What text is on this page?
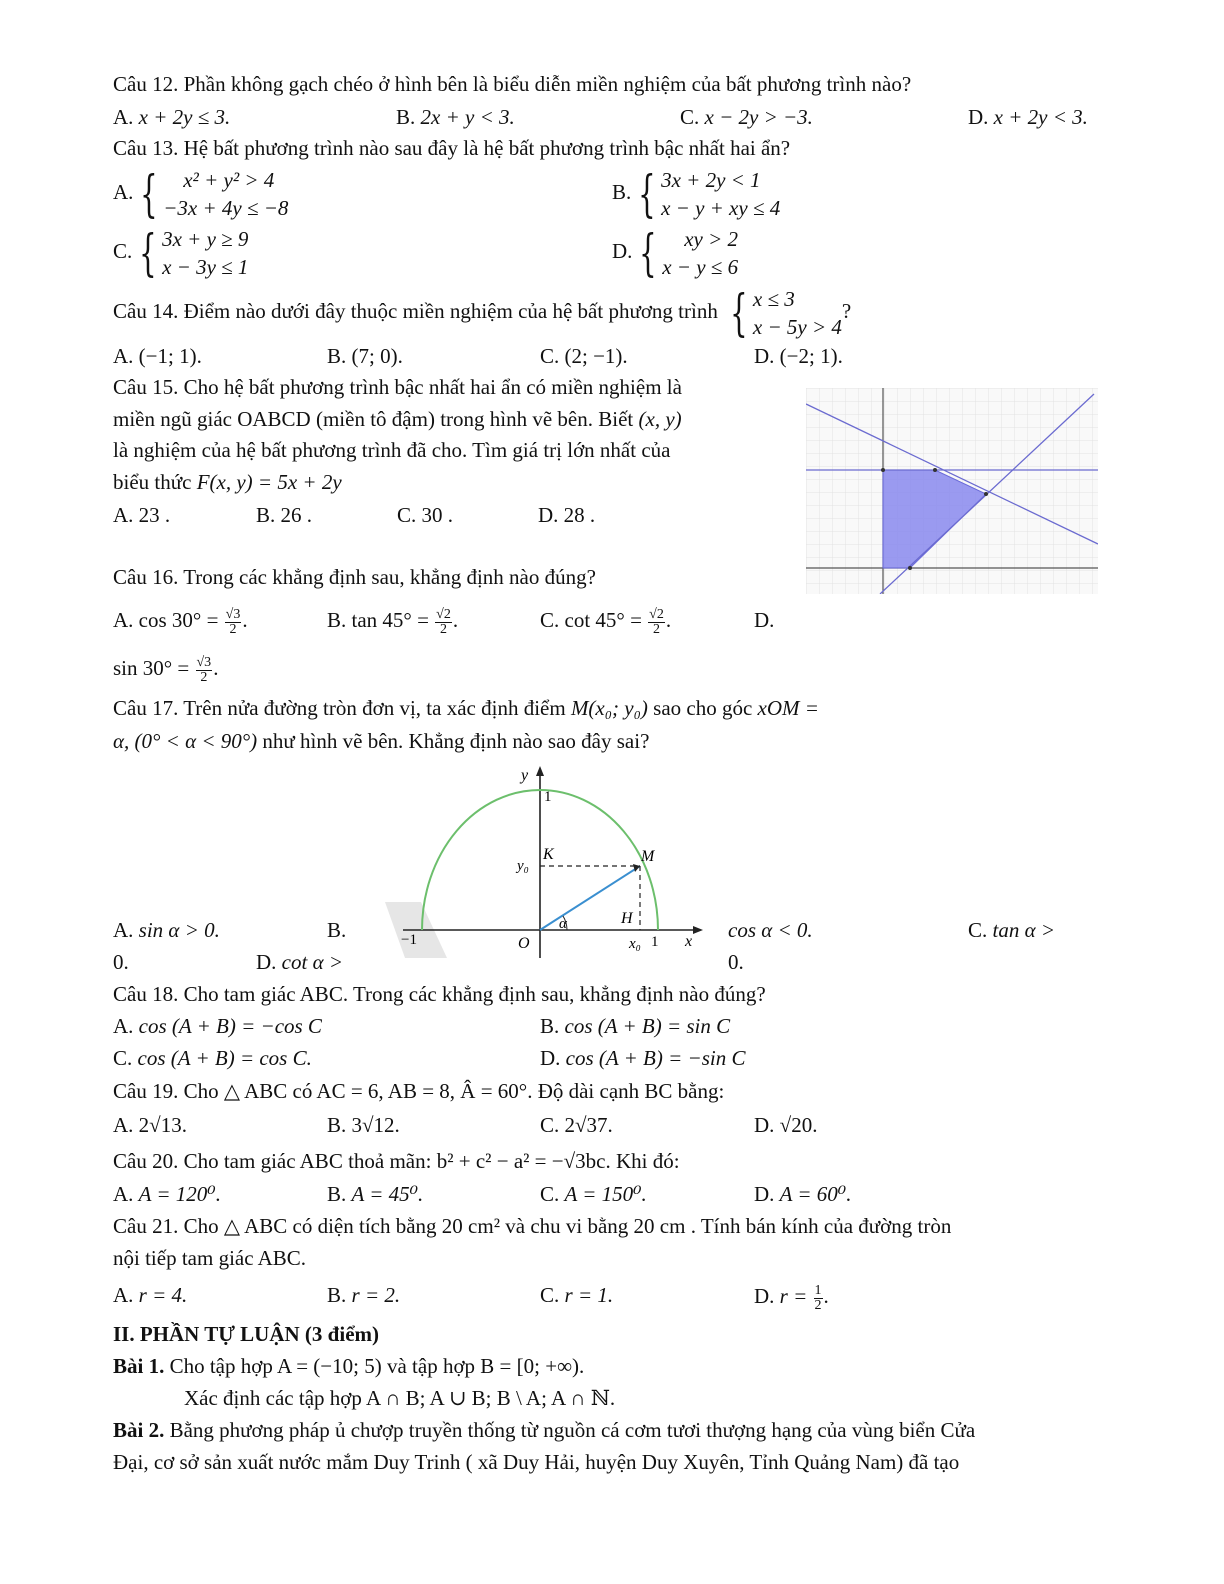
Câu 12. Phần không gạch chéo ở hình bên là biểu diễn miền nghiệm của bất phương trình nào?
A. x + 2y ≤ 3.	B. 2x + y < 3.	C. x − 2y > −3.	D. x + 2y < 3.
Câu 13. Hệ bất phương trình nào sau đây là hệ bất phương trình bậc nhất hai ẩn?
A. {	x² + y² > 4
−3x + 4y ≤ −8
B. { 3x + 2y < 1
x − y + xy ≤ 4
C. { 3x + y ≥ 9
x − 3y ≤ 1
D. {	xy > 2
x − y ≤ 6
Câu 14. Điểm nào dưới đây thuộc miền nghiệm của hệ bất phương trình { x ≤ 3
x − 5y > 4
?
A. (−1; 1).	B. (7; 0).	C. (2; −1).	D. (−2; 1).
Câu 15. Cho hệ bất phương trình bậc nhất hai ẩn có miền nghiệm là
miền ngũ giác OABCD (miền tô đậm) trong hình vẽ bên. Biết (x, y)
là nghiệm của hệ bất phương trình đã cho. Tìm giá trị lớn nhất của
biểu thức F(x, y) = 5x + 2y
A. 23 .	B. 26 .	C. 30 .	D. 28 .
Câu 16. Trong các khẳng định sau, khẳng định nào đúng?
A. $\cos 30^\circ = \frac{√3}{2}$ .	B. $\tan 45^\circ = \frac{√2}{2}$ .	C. $\cot 45^\circ = \frac{√2}{2}$ .	D.
$\sin 30^\circ = \frac{√3}{2}$ .
Câu 17. Trên nửa đường tròn đơn vị, ta xác định điểm M(x₀; y₀) sao cho góc xOM =
α, (0° < α < 90°) như hình vẽ bên. Khẳng định nào sao đây sai?
y
1
K	M
y₀
α	H
−1	O	x₀ 1 x
A. sin α > 0.	B.	cos α < 0.	C. tan α >
0.	D. cot α >	0.
Câu 18. Cho tam giác ABC. Trong các khẳng định sau, khẳng định nào đúng?
A. cos (A + B) = −cos C	B. cos (A + B) = sin C
C. cos (A + B) = cos C.	D. cos (A + B) = −sin C
Câu 19. Cho △ ABC có AC = 6, AB = 8, Â = 60°. Độ dài cạnh BC bằng:
A. 2√13.	B. 3√12.	C. 2√37.	D. √20.
Câu 20. Cho tam giác ABC thoả mãn: b² + c² − a² = −√3bc. Khi đó:
A. A = 120⁰.	B. A = 45⁰.	C. A = 150⁰.	D. A = 60⁰.
Câu 21. Cho △ ABC có diện tích bằng 20 cm² và chu vi bằng 20 cm . Tính bán kính của đường tròn
nội tiếp tam giác ABC.
A. r = 4.	B. r = 2.	C. r = 1.	D. $r = \frac{1}{2}$ .
II. PHẦN TỰ LUẬN (3 điểm)
Bài 1. Cho tập hợp A = (−10; 5) và tập hợp B = [0; +∞).
Xác định các tập hợp A ∩ B; A ∪ B; B \ A; A ∩ ℕ.
Bài 2. Bằng phương pháp ủ chượp truyền thống từ nguồn cá cơm tươi thượng hạng của vùng biển Cửa
Đại, cơ sở sản xuất nước mắm Duy Trinh ( xã Duy Hải, huyện Duy Xuyên, Tỉnh Quảng Nam) đã tạo
